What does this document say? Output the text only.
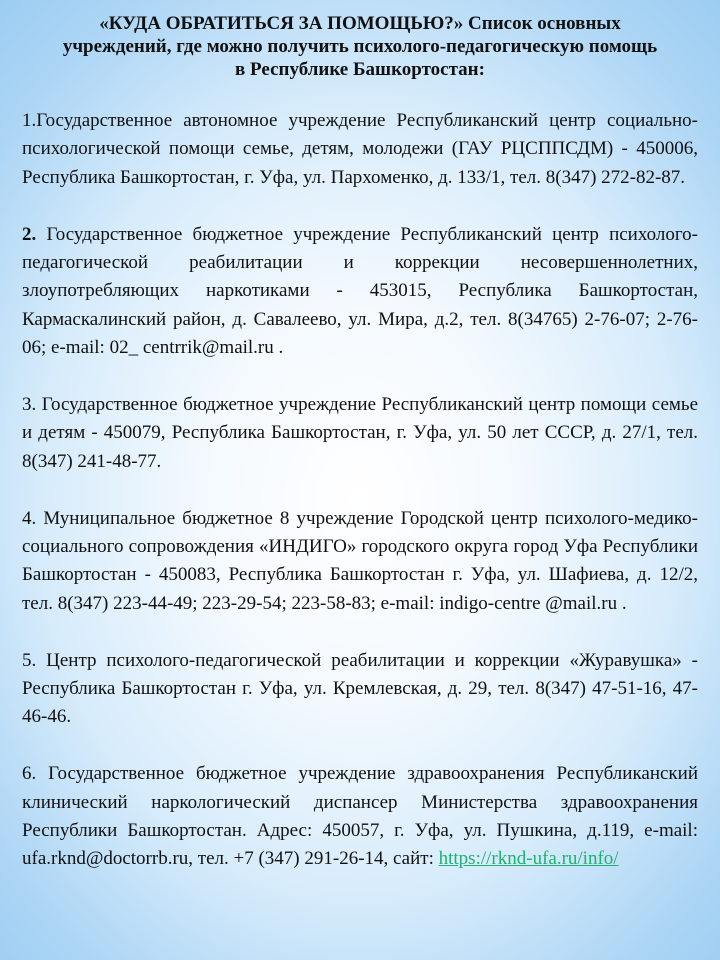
«КУДА ОБРАТИТЬСЯ ЗА ПОМОЩЬЮ?» Список основных
учреждений, где можно получить психолого-педагогическую помощь
в Республике Башкортостан:

1.Государственное автономное учреждение Республиканский центр социально-психологической помощи семье, детям, молодежи (ГАУ РЦСППСДМ) - 450006, Республика Башкортостан, г. Уфа, ул. Пархоменко, д. 133/1, тел. 8(347) 272-82-87.

2. Государственное бюджетное учреждение Республиканский центр психолого-педагогической реабилитации и коррекции несовершеннолетних, злоупотребляющих наркотиками - 453015, Республика Башкортостан, Кармаскалинский район, д. Савалеево, ул. Мира, д.2, тел. 8(34765) 2-76-07; 2-76-06; e-mail: 02_ centrrik@mail.ru .

3. Государственное бюджетное учреждение Республиканский центр помощи семье и детям - 450079, Республика Башкортостан, г. Уфа, ул. 50 лет СССР, д. 27/1, тел. 8(347) 241-48-77.

4. Муниципальное бюджетное 8 учреждение Городской центр психолого-медико-социального сопровождения «ИНДИГО» городского округа город Уфа Республики Башкортостан - 450083, Республика Башкортостан г. Уфа, ул. Шафиева, д. 12/2, тел. 8(347) 223-44-49; 223-29-54; 223-58-83; e-mail: indigo-centre @mail.ru .

5. Центр психолого-педагогической реабилитации и коррекции «Журавушка» - Республика Башкортостан г. Уфа, ул. Кремлевская, д. 29, тел. 8(347) 47-51-16, 47-46-46.

6. Государственное бюджетное учреждение здравоохранения Республиканский клинический наркологический диспансер Министерства здравоохранения Республики Башкортостан. Адрес: 450057, г. Уфа, ул. Пушкина, д.119, e-mail: ufa.rknd@doctorrb.ru, тел. +7 (347) 291-26-14, сайт: https://rknd-ufa.ru/info/
